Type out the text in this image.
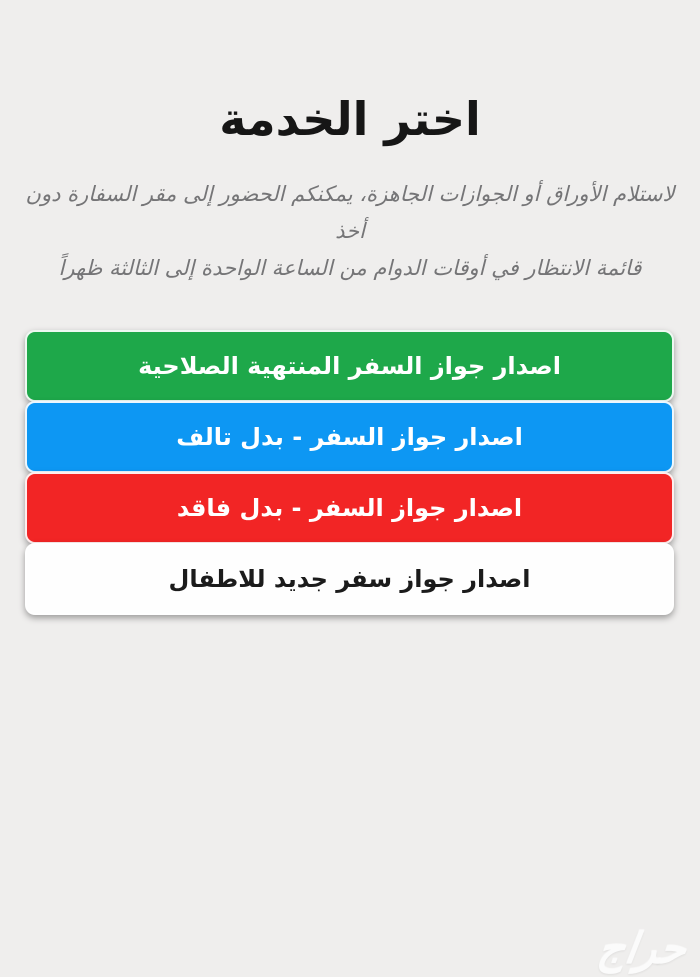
اختر الخدمة
لاستلام الأوراق أو الجوازات الجاهزة، يمكنكم الحضور إلى مقر السفارة دون أخذ
قائمة الانتظار في أوقات الدوام من الساعة الواحدة إلى الثالثة ظهراً
اصدار جواز السفر المنتهية الصلاحية
اصدار جواز السفر - بدل تالف
اصدار جواز السفر - بدل فاقد
اصدار جواز سفر جديد للاطفال
حراج
